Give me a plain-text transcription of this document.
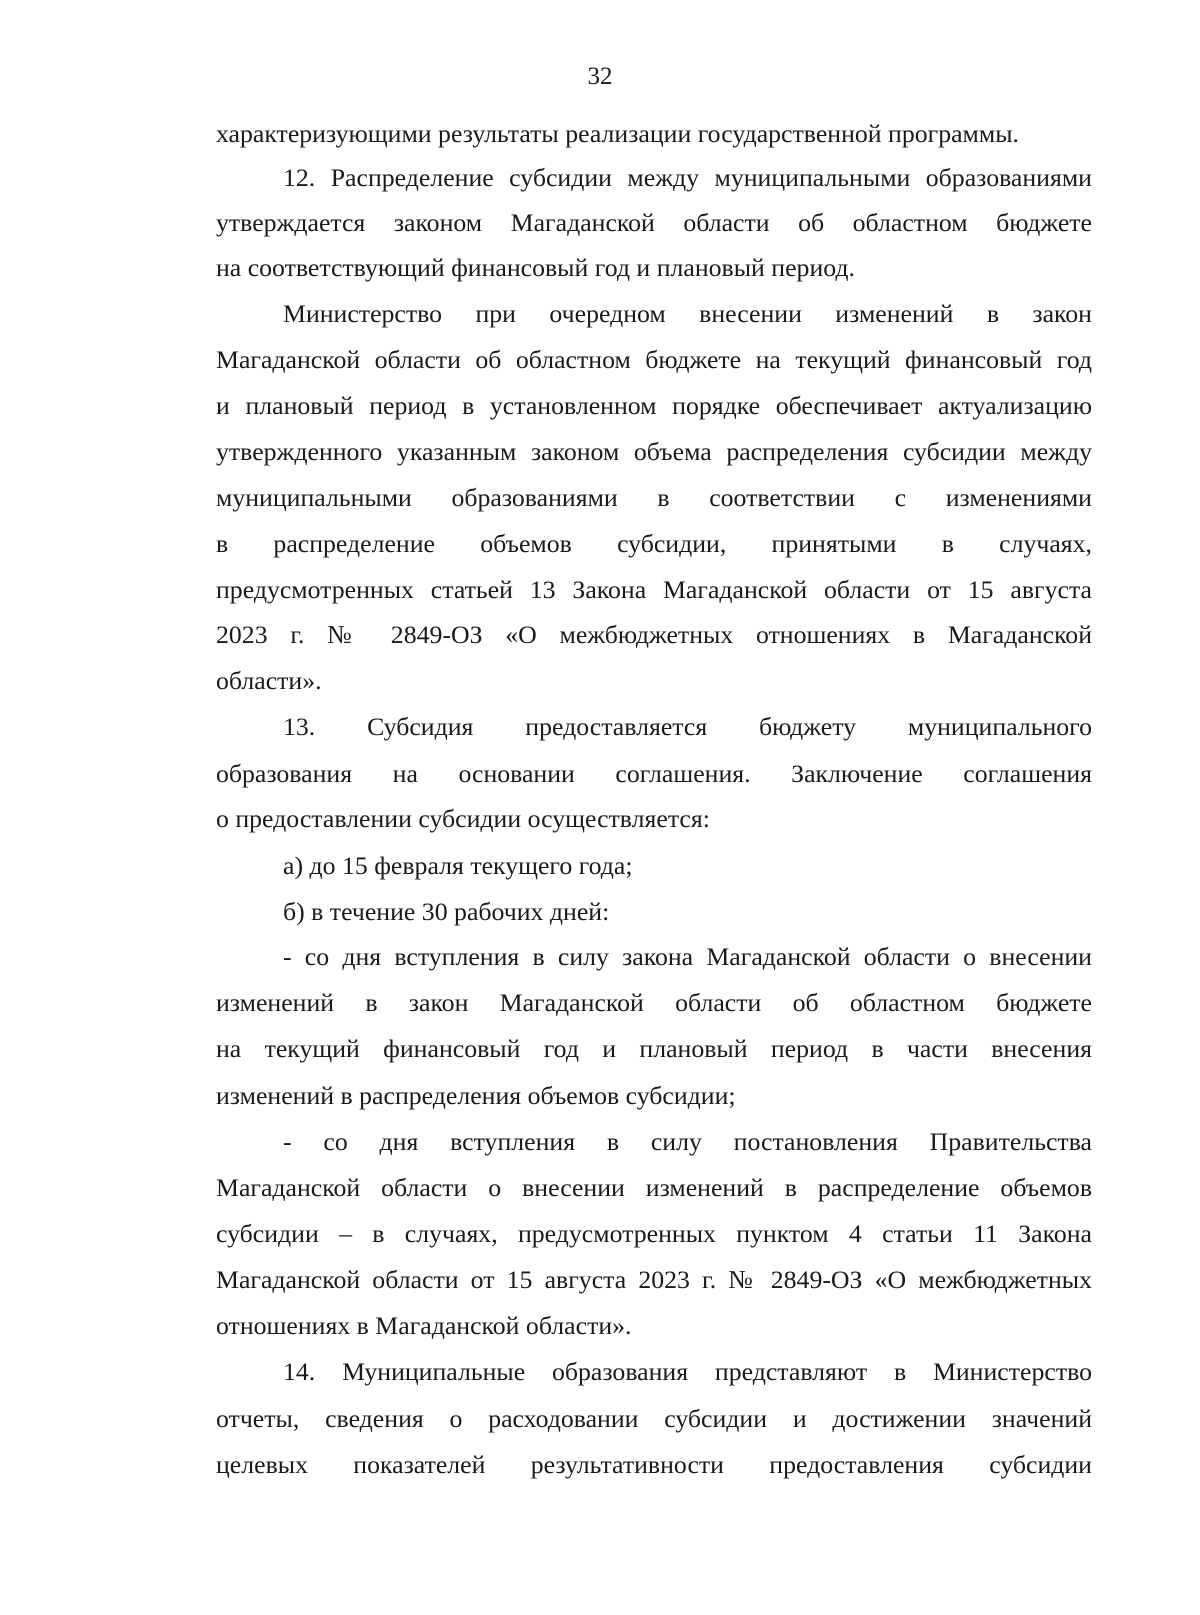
32
характеризующими результаты реализации государственной программы.
12. Распределение субсидии между муниципальными образованиями
утверждается законом Магаданской области об областном бюджете
на соответствующий финансовый год и плановый период.
Министерство при очередном внесении изменений в закон
Магаданской области об областном бюджете на текущий финансовый год
и плановый период в установленном порядке обеспечивает актуализацию
утвержденного указанным законом объема распределения субсидии между
муниципальными образованиями в соответствии с изменениями
в распределение объемов субсидии, принятыми в случаях,
предусмотренных статьей 13 Закона Магаданской области от 15 августа
2023 г. № 2849-ОЗ «О межбюджетных отношениях в Магаданской
области».
13. Субсидия предоставляется бюджету муниципального
образования на основании соглашения. Заключение соглашения
о предоставлении субсидии осуществляется:
а) до 15 февраля текущего года;
б) в течение 30 рабочих дней:
- со дня вступления в силу закона Магаданской области о внесении
изменений в закон Магаданской области об областном бюджете
на текущий финансовый год и плановый период в части внесения
изменений в распределения объемов субсидии;
- со дня вступления в силу постановления Правительства
Магаданской области о внесении изменений в распределение объемов
субсидии – в случаях, предусмотренных пунктом 4 статьи 11 Закона
Магаданской области от 15 августа 2023 г. № 2849-ОЗ «О межбюджетных
отношениях в Магаданской области».
14. Муниципальные образования представляют в Министерство
отчеты, сведения о расходовании субсидии и достижении значений
целевых показателей результативности предоставления субсидии
